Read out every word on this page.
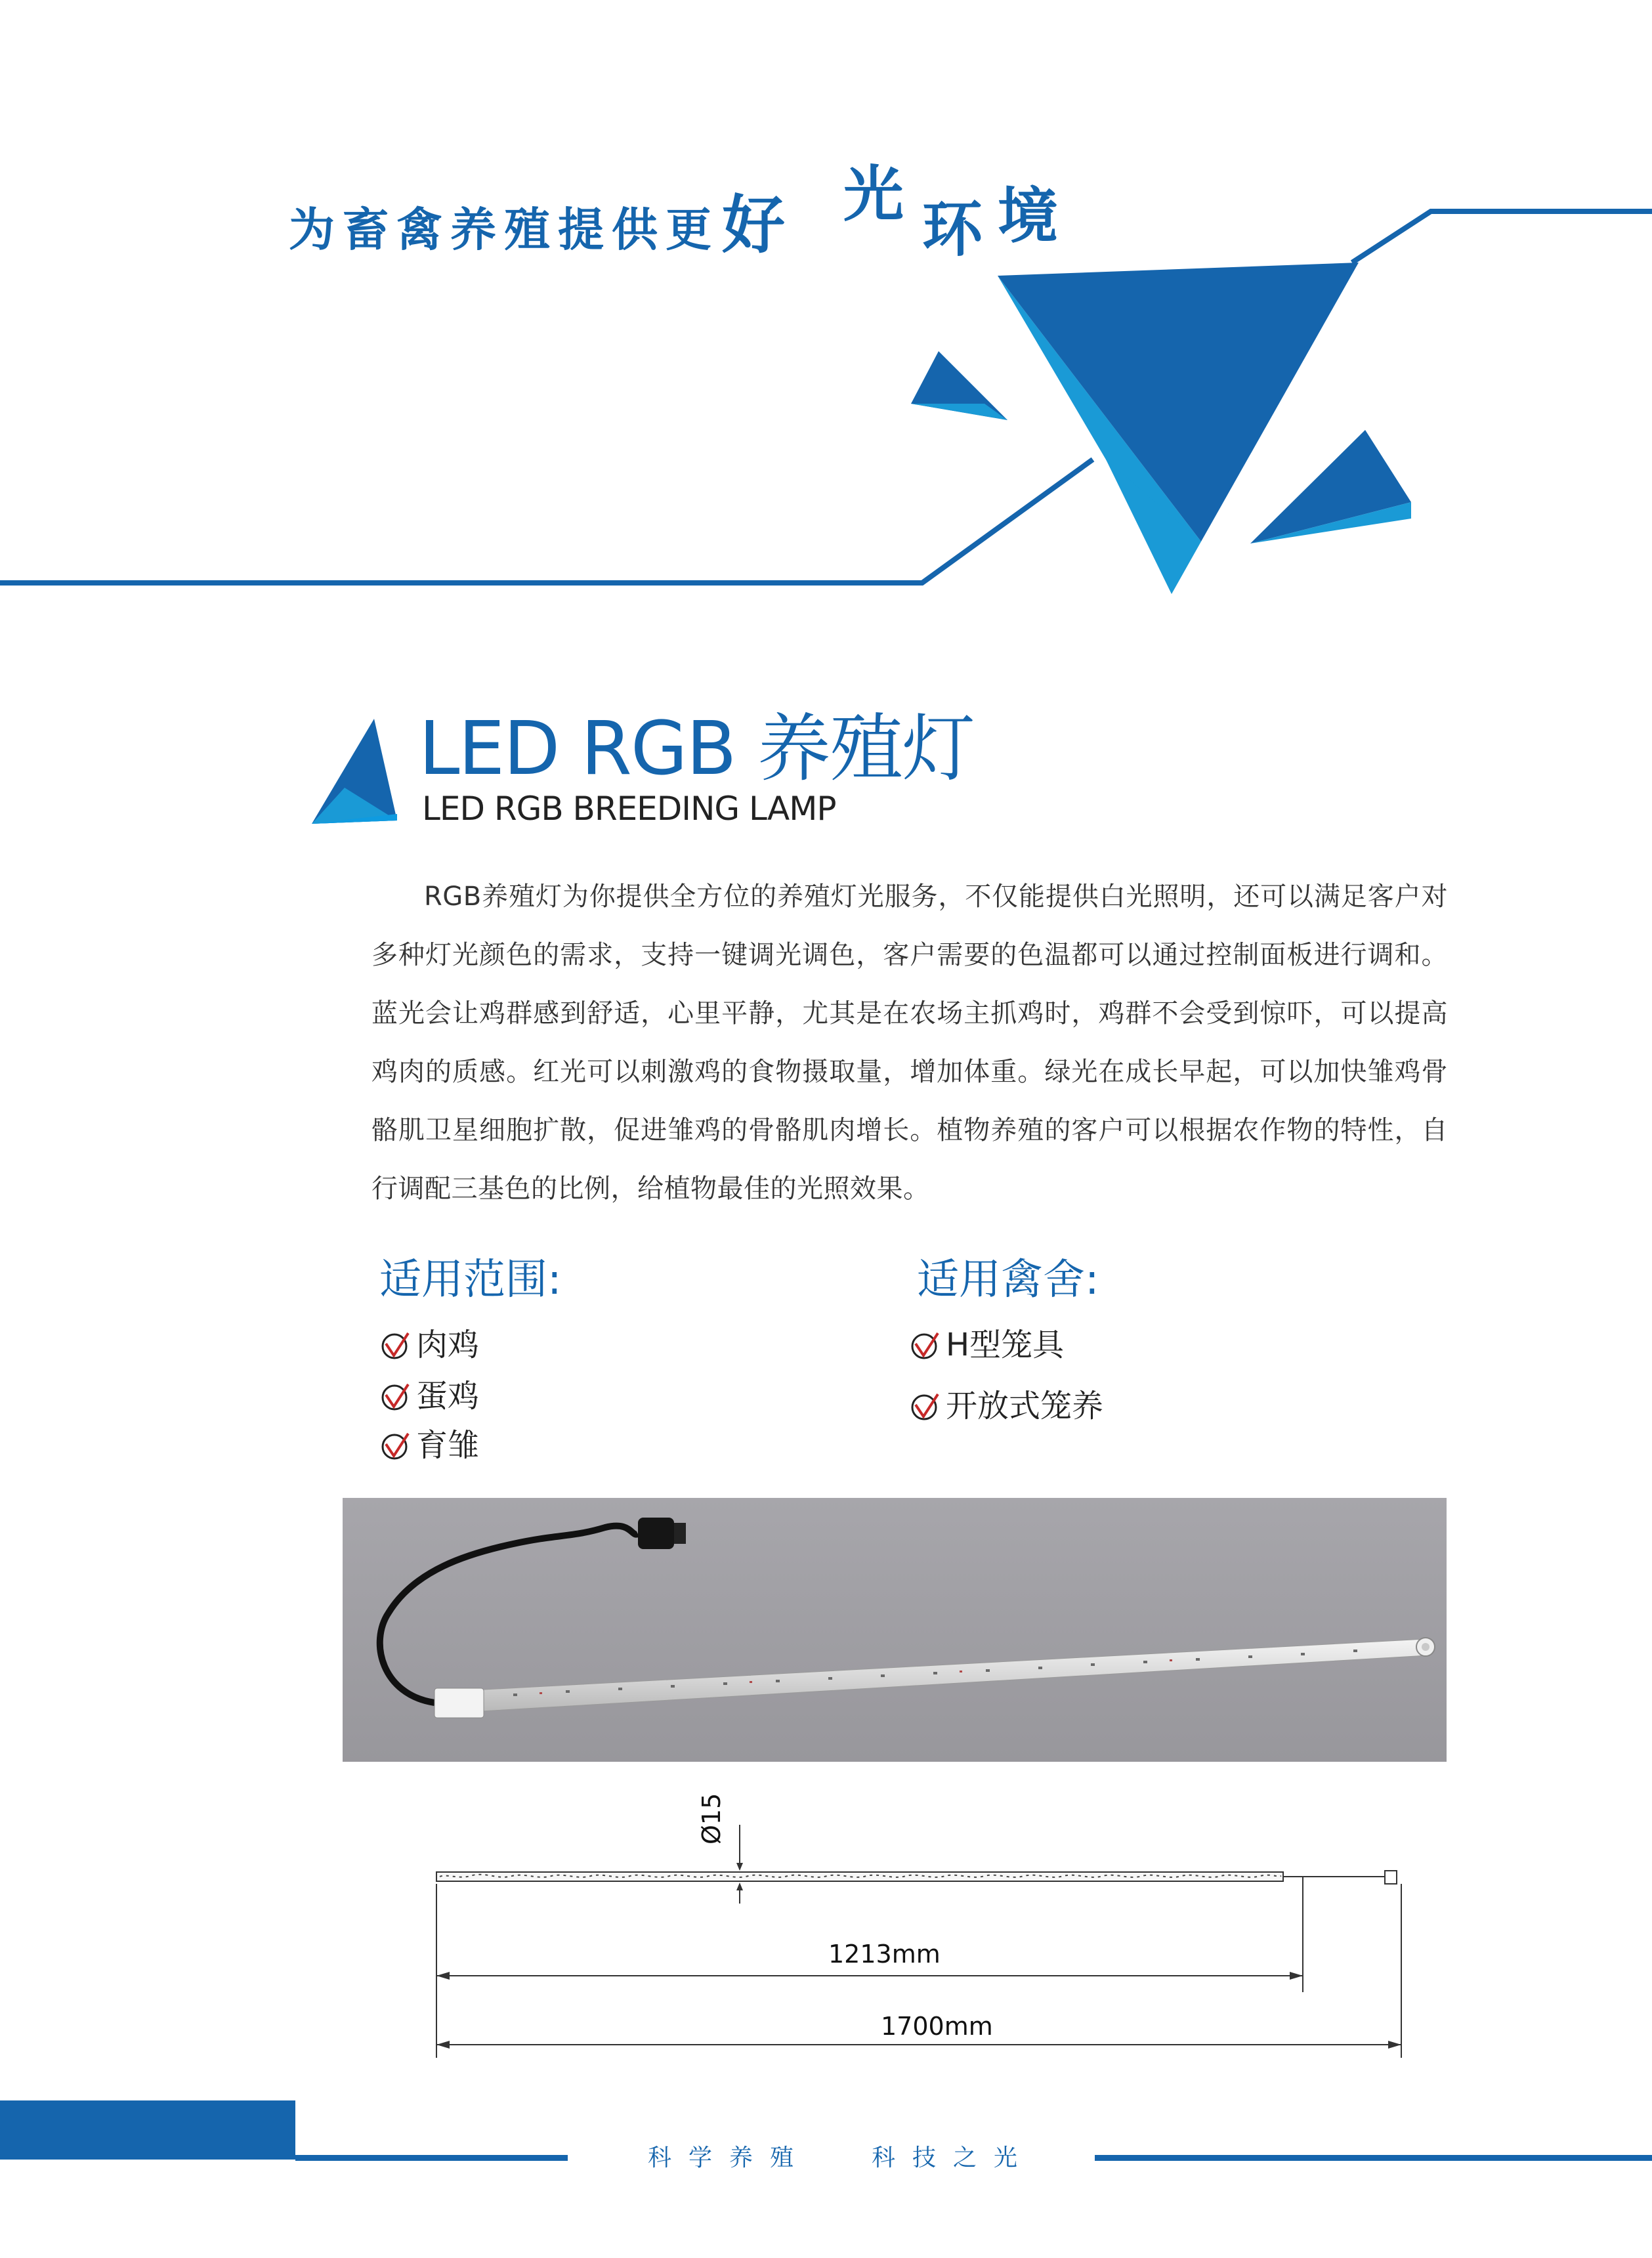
为畜禽养殖提供更 好 光 环 境
LED RGB 养殖灯
LED RGB BREEDING LAMP

RGB养殖灯为你提供全方位的养殖灯光服务，不仅能提供白光照明，还可以满足客户对多种灯光颜色的需求，支持一键调光调色，客户需要的色温都可以通过控制面板进行调和。蓝光会让鸡群感到舒适，心里平静，尤其是在农场主抓鸡时，鸡群不会受到惊吓，可以提高鸡肉的质感。红光可以刺激鸡的食物摄取量，增加体重。绿光在成长早起，可以加快雏鸡骨骼肌卫星细胞扩散，促进雏鸡的骨骼肌肉增长。植物养殖的客户可以根据农作物的特性，自行调配三基色的比例，给植物最佳的光照效果。

适用范围:
肉鸡
蛋鸡
育雏
适用禽舍:
H型笼具
开放式笼养
Ø15
1213mm
1700mm
科学养殖	科技之光
